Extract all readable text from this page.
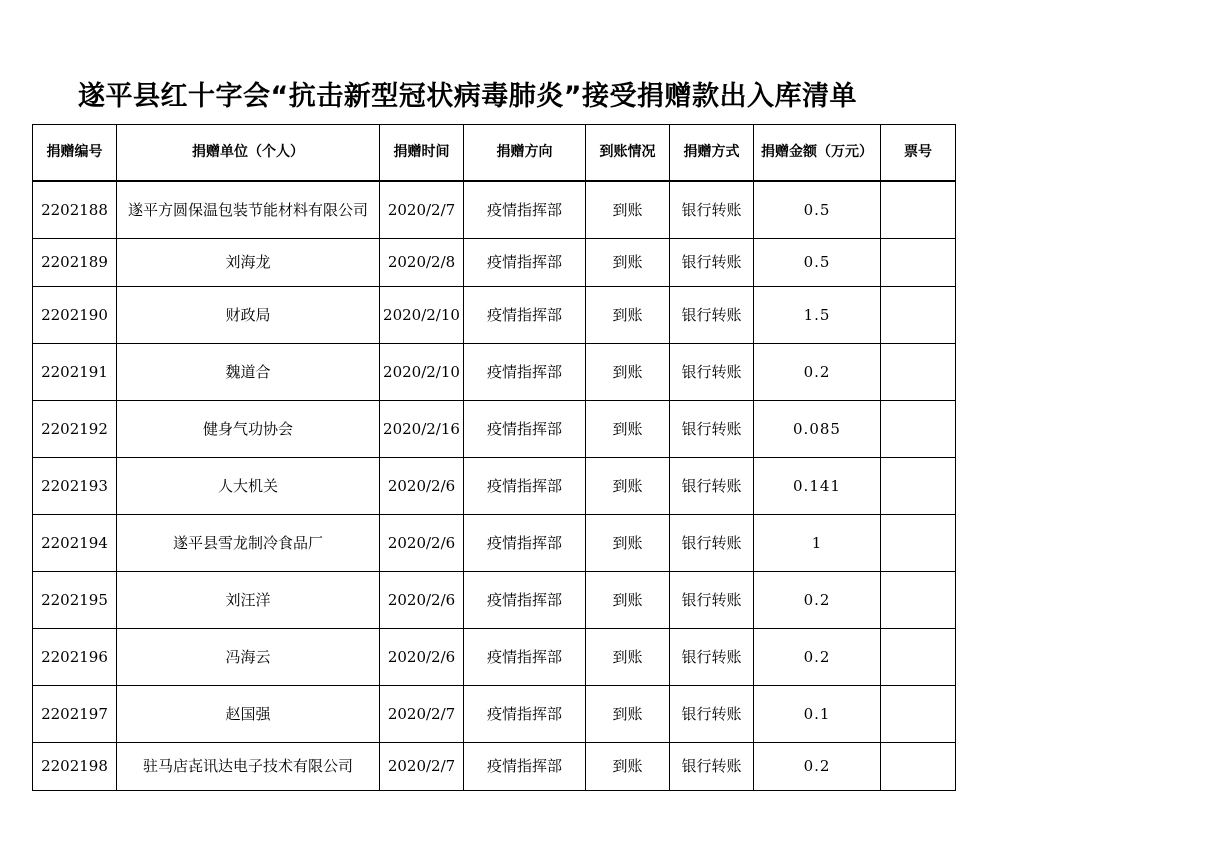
遂平县红十字会“抗击新型冠状病毒肺炎”接受捐赠款出入库清单
捐赠编号	捐赠单位（个人）	捐赠时间	捐赠方向	到账情况	捐赠方式	捐赠金额（万元）	票号
2202188	遂平方圆保温包装节能材料有限公司	2020/2/7	疫情指挥部	到账	银行转账	0.5	
2202189	刘海龙	2020/2/8	疫情指挥部	到账	银行转账	0.5	
2202190	财政局	2020/2/10	疫情指挥部	到账	银行转账	1.5	
2202191	魏道合	2020/2/10	疫情指挥部	到账	银行转账	0.2	
2202192	健身气功协会	2020/2/16	疫情指挥部	到账	银行转账	0.085	
2202193	人大机关	2020/2/6	疫情指挥部	到账	银行转账	0.141	
2202194	遂平县雪龙制冷食品厂	2020/2/6	疫情指挥部	到账	银行转账	1	
2202195	刘汪洋	2020/2/6	疫情指挥部	到账	银行转账	0.2	
2202196	冯海云	2020/2/6	疫情指挥部	到账	银行转账	0.2	
2202197	赵国强	2020/2/7	疫情指挥部	到账	银行转账	0.1	
2202198	驻马店㐂讯达电子技术有限公司	2020/2/7	疫情指挥部	到账	银行转账	0.2	
